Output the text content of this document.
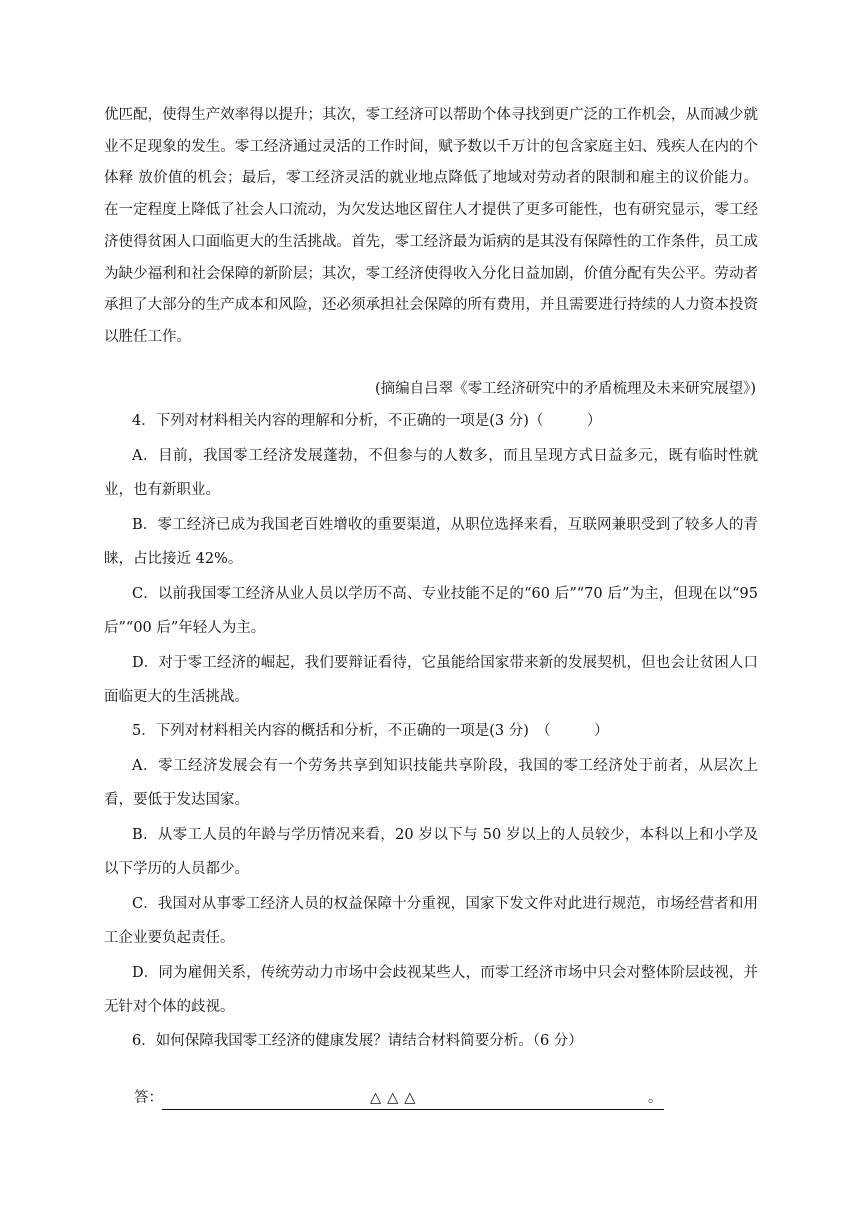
优匹配，使得生产效率得以提升；其次，零工经济可以帮助个体寻找到更广泛的工作机会，从而减少就业不足现象的发生。零工经济通过灵活的工作时间，赋予数以千万计的包含家庭主妇、残疾人在内的个体释 放价值的机会；最后，零工经济灵活的就业地点降低了地域对劳动者的限制和雇主的议价能力。在一定程度上降低了社会人口流动，为欠发达地区留住人才提供了更多可能性，也有研究显示，零工经济使得贫困人口面临更大的生活挑战。首先，零工经济最为诟病的是其没有保障性的工作条件，员工成为缺少福利和社会保障的新阶层；其次，零工经济使得收入分化日益加剧，价值分配有失公平。劳动者承担了大部分的生产成本和风险，还必须承担社会保障的所有费用，并且需要进行持续的人力资本投资以胜任工作。

(摘编自吕翠《零工经济研究中的矛盾梳理及未来研究展望》)

4．下列对材料相关内容的理解和分析，不正确的一项是(3 分)（　　　）

A．目前，我国零工经济发展蓬勃，不但参与的人数多，而且呈现方式日益多元，既有临时性就业，也有新职业。

B．零工经济已成为我国老百姓增收的重要渠道，从职位选择来看，互联网兼职受到了较多人的青睐，占比接近 42%。

C．以前我国零工经济从业人员以学历不高、专业技能不足的“60 后”“70 后”为主，但现在以“95 后”“00 后”年轻人为主。

D．对于零工经济的崛起，我们要辩证看待，它虽能给国家带来新的发展契机，但也会让贫困人口面临更大的生活挑战。

5．下列对材料相关内容的概括和分析，不正确的一项是(3 分)　（　　　）

A．零工经济发展会有一个劳务共享到知识技能共享阶段，我国的零工经济处于前者，从层次上看，要低于发达国家。

B．从零工人员的年龄与学历情况来看，20 岁以下与 50 岁以上的人员较少，本科以上和小学及以下学历的人员都少。

C．我国对从事零工经济人员的权益保障十分重视，国家下发文件对此进行规范，市场经营者和用工企业要负起责任。

D．同为雇佣关系，传统劳动力市场中会歧视某些人，而零工经济市场中只会对整体阶层歧视，并无针对个体的歧视。

6．如何保障我国零工经济的健康发展？请结合材料简要分析。（6 分）

答：	△△△	。
